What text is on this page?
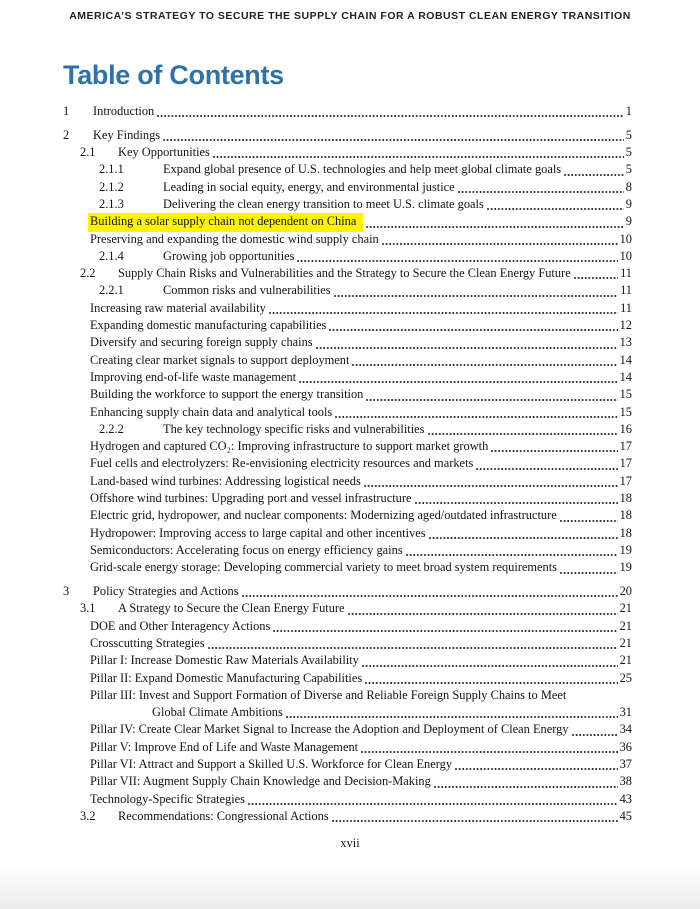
AMERICA’S STRATEGY TO SECURE THE SUPPLY CHAIN FOR A ROBUST CLEAN ENERGY TRANSITION
Table of Contents
1	Introduction	1
2	Key Findings	5
2.1	Key Opportunities	5
2.1.1	Expand global presence of U.S. technologies and help meet global climate goals	5
2.1.2	Leading in social equity, energy, and environmental justice	8
2.1.3	Delivering the clean energy transition to meet U.S. climate goals	9
Building a solar supply chain not dependent on China	9
Preserving and expanding the domestic wind supply chain	10
2.1.4	Growing job opportunities	10
2.2	Supply Chain Risks and Vulnerabilities and the Strategy to Secure the Clean Energy Future	11
2.2.1	Common risks and vulnerabilities	11
Increasing raw material availability	11
Expanding domestic manufacturing capabilities	12
Diversify and securing foreign supply chains	13
Creating clear market signals to support deployment	14
Improving end-of-life waste management	14
Building the workforce to support the energy transition	15
Enhancing supply chain data and analytical tools	15
2.2.2	The key technology specific risks and vulnerabilities	16
Hydrogen and captured CO₂: Improving infrastructure to support market growth	17
Fuel cells and electrolyzers: Re-envisioning electricity resources and markets	17
Land-based wind turbines: Addressing logistical needs	17
Offshore wind turbines: Upgrading port and vessel infrastructure	18
Electric grid, hydropower, and nuclear components: Modernizing aged/outdated infrastructure	18
Hydropower: Improving access to large capital and other incentives	18
Semiconductors: Accelerating focus on energy efficiency gains	19
Grid-scale energy storage: Developing commercial variety to meet broad system requirements	19
3	Policy Strategies and Actions	20
3.1	A Strategy to Secure the Clean Energy Future	21
DOE and Other Interagency Actions	21
Crosscutting Strategies	21
Pillar I: Increase Domestic Raw Materials Availability	21
Pillar II: Expand Domestic Manufacturing Capabilities	25
Pillar III: Invest and Support Formation of Diverse and Reliable Foreign Supply Chains to Meet
Global Climate Ambitions	31
Pillar IV: Create Clear Market Signal to Increase the Adoption and Deployment of Clean Energy	34
Pillar V: Improve End of Life and Waste Management	36
Pillar VI: Attract and Support a Skilled U.S. Workforce for Clean Energy	37
Pillar VII: Augment Supply Chain Knowledge and Decision-Making	38
Technology-Specific Strategies	43
3.2	Recommendations: Congressional Actions	45
xvii
